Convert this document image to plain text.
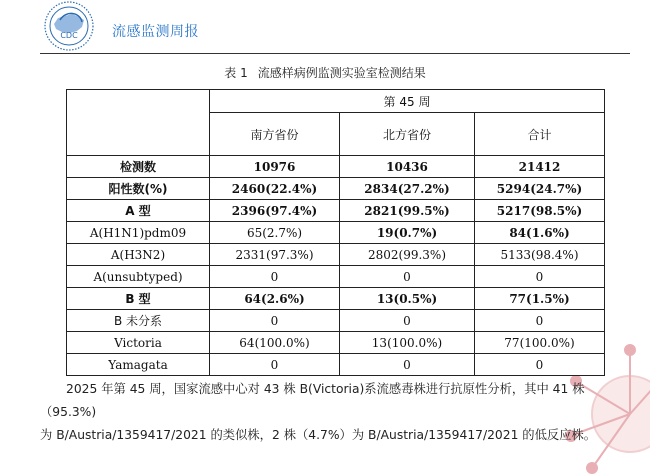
CDC 流感监测周报
表 1 流感样病例监测实验室检测结果
	第 45 周		
	南方省份	北方省份	合计
检测数	10976	10436	21412
阳性数(%)	2460(22.4%)	2834(27.2%)	5294(24.7%)
A 型	2396(97.4%)	2821(99.5%)	5217(98.5%)
A(H1N1)pdm09	65(2.7%)	19(0.7%)	84(1.6%)
A(H3N2)	2331(97.3%)	2802(99.3%)	5133(98.4%)
A(unsubtyped)	0	0	0
B 型	64(2.6%)	13(0.5%)	77(1.5%)
B 未分系	0	0	0
Victoria	64(100.0%)	13(100.0%)	77(100.0%)
Yamagata	0	0	0

2025 年第 45 周，国家流感中心对 43 株 B(Victoria)系流感毒株进行抗原性分析，其中 41 株（95.3%)

为 B/Austria/1359417/2021 的类似株，2 株（4.7%）为 B/Austria/1359417/2021 的低反应株。
